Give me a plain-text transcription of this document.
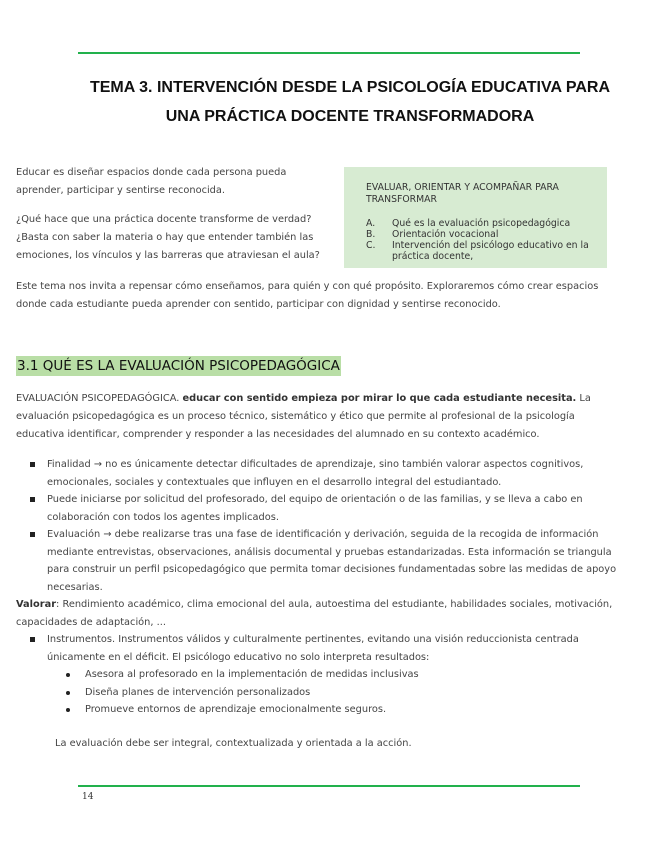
TEMA 3. INTERVENCIÓN DESDE LA PSICOLOGÍA EDUCATIVA PARA
UNA PRÁCTICA DOCENTE TRANSFORMADORA

Educar es diseñar espacios donde cada persona pueda aprender, participar y sentirse reconocida.

¿Qué hace que una práctica docente transforme de verdad? ¿Basta con saber la materia o hay que entender también las emociones, los vínculos y las barreras que atraviesan el aula?

EVALUAR, ORIENTAR Y ACOMPAÑAR PARA TRANSFORMAR
A. Qué es la evaluación psicopedagógica
B. Orientación vocacional
C. Intervención del psicólogo educativo en la práctica docente,
Este tema nos invita a repensar cómo enseñamos, para quién y con qué propósito. Exploraremos cómo crear espacios donde cada estudiante pueda aprender con sentido, participar con dignidad y sentirse reconocido.
3.1 QUÉ ES LA EVALUACIÓN PSICOPEDAGÓGICA
EVALUACIÓN PSICOPEDAGÓGICA. educar con sentido empieza por mirar lo que cada estudiante necesita. La evaluación psicopedagógica es un proceso técnico, sistemático y ético que permite al profesional de la psicología educativa identificar, comprender y responder a las necesidades del alumnado en su contexto académico.
Finalidad → no es únicamente detectar dificultades de aprendizaje, sino también valorar aspectos cognitivos, emocionales, sociales y contextuales que influyen en el desarrollo integral del estudiantado.
Puede iniciarse por solicitud del profesorado, del equipo de orientación o de las familias, y se lleva a cabo en colaboración con todos los agentes implicados.
Evaluación → debe realizarse tras una fase de identificación y derivación, seguida de la recogida de información mediante entrevistas, observaciones, análisis documental y pruebas estandarizadas. Esta información se triangula para construir un perfil psicopedagógico que permita tomar decisiones fundamentadas sobre las medidas de apoyo necesarias.
Valorar: Rendimiento académico, clima emocional del aula, autoestima del estudiante, habilidades sociales, motivación, capacidades de adaptación, ...
Instrumentos. Instrumentos válidos y culturalmente pertinentes, evitando una visión reduccionista centrada únicamente en el déficit. El psicólogo educativo no solo interpreta resultados:
Asesora al profesorado en la implementación de medidas inclusivas
Diseña planes de intervención personalizados
Promueve entornos de aprendizaje emocionalmente seguros.
La evaluación debe ser integral, contextualizada y orientada a la acción.
14
